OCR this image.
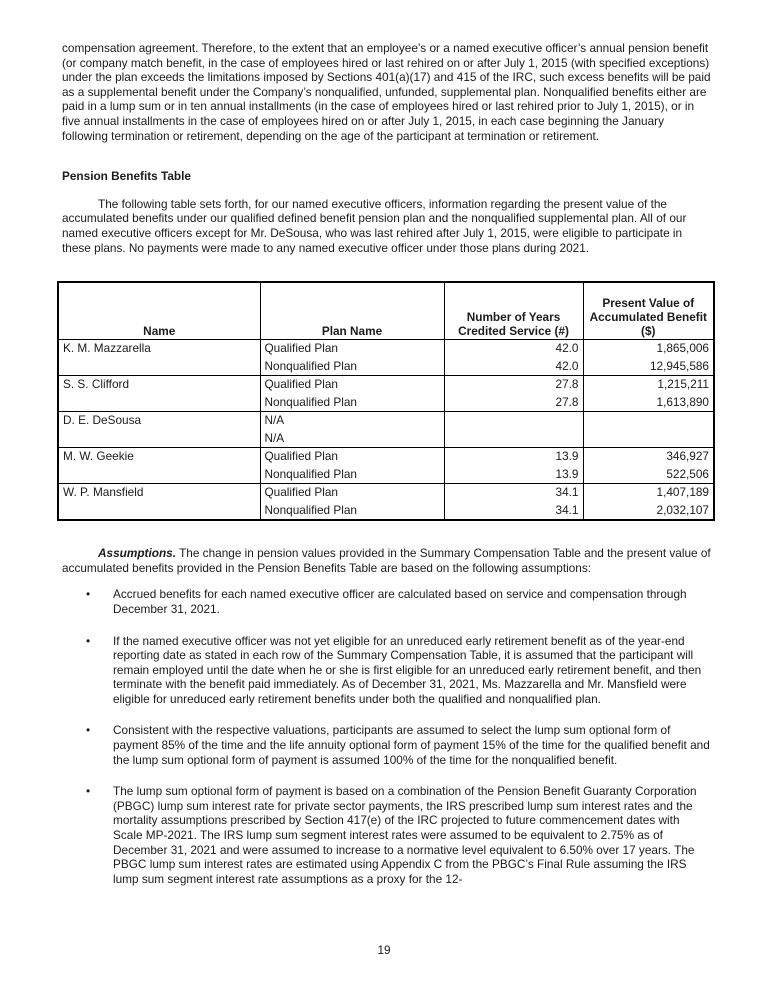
compensation agreement. Therefore, to the extent that an employee’s or a named executive officer’s annual pension benefit (or company match benefit, in the case of employees hired or last rehired on or after July 1, 2015 (with specified exceptions) under the plan exceeds the limitations imposed by Sections 401(a)(17) and 415 of the IRC, such excess benefits will be paid as a supplemental benefit under the Company’s nonqualified, unfunded, supplemental plan. Nonqualified benefits either are paid in a lump sum or in ten annual installments (in the case of employees hired or last rehired prior to July 1, 2015), or in five annual installments in the case of employees hired on or after July 1, 2015, in each case beginning the January following termination or retirement, depending on the age of the participant at termination or retirement.

Pension Benefits Table

The following table sets forth, for our named executive officers, information regarding the present value of the accumulated benefits under our qualified defined benefit pension plan and the nonqualified supplemental plan. All of our named executive officers except for Mr. DeSousa, who was last rehired after July 1, 2015, were eligible to participate in these plans. No payments were made to any named executive officer under those plans during 2021.

Name	Plan Name	Number of Years Credited Service (#)	Present Value of Accumulated Benefit ($)
K. M. Mazzarella	Qualified Plan	42.0	1,865,006
	Nonqualified Plan	42.0	12,945,586
S. S. Clifford	Qualified Plan	27.8	1,215,211
	Nonqualified Plan	27.8	1,613,890
D. E. DeSousa	N/A		
	N/A		
M. W. Geekie	Qualified Plan	13.9	346,927
	Nonqualified Plan	13.9	522,506
W. P. Mansfield	Qualified Plan	34.1	1,407,189
	Nonqualified Plan	34.1	2,032,107

Assumptions. The change in pension values provided in the Summary Compensation Table and the present value of accumulated benefits provided in the Pension Benefits Table are based on the following assumptions:

• Accrued benefits for each named executive officer are calculated based on service and compensation through December 31, 2021.
• If the named executive officer was not yet eligible for an unreduced early retirement benefit as of the year-end reporting date as stated in each row of the Summary Compensation Table, it is assumed that the participant will remain employed until the date when he or she is first eligible for an unreduced early retirement benefit, and then terminate with the benefit paid immediately. As of December 31, 2021, Ms. Mazzarella and Mr. Mansfield were eligible for unreduced early retirement benefits under both the qualified and nonqualified plan.
• Consistent with the respective valuations, participants are assumed to select the lump sum optional form of payment 85% of the time and the life annuity optional form of payment 15% of the time for the qualified benefit and the lump sum optional form of payment is assumed 100% of the time for the nonqualified benefit.
• The lump sum optional form of payment is based on a combination of the Pension Benefit Guaranty Corporation (PBGC) lump sum interest rate for private sector payments, the IRS prescribed lump sum interest rates and the mortality assumptions prescribed by Section 417(e) of the IRC projected to future commencement dates with Scale MP-2021. The IRS lump sum segment interest rates were assumed to be equivalent to 2.75% as of December 31, 2021 and were assumed to increase to a normative level equivalent to 6.50% over 17 years. The PBGC lump sum interest rates are estimated using Appendix C from the PBGC’s Final Rule assuming the IRS lump sum segment interest rate assumptions as a proxy for the 12-
19
